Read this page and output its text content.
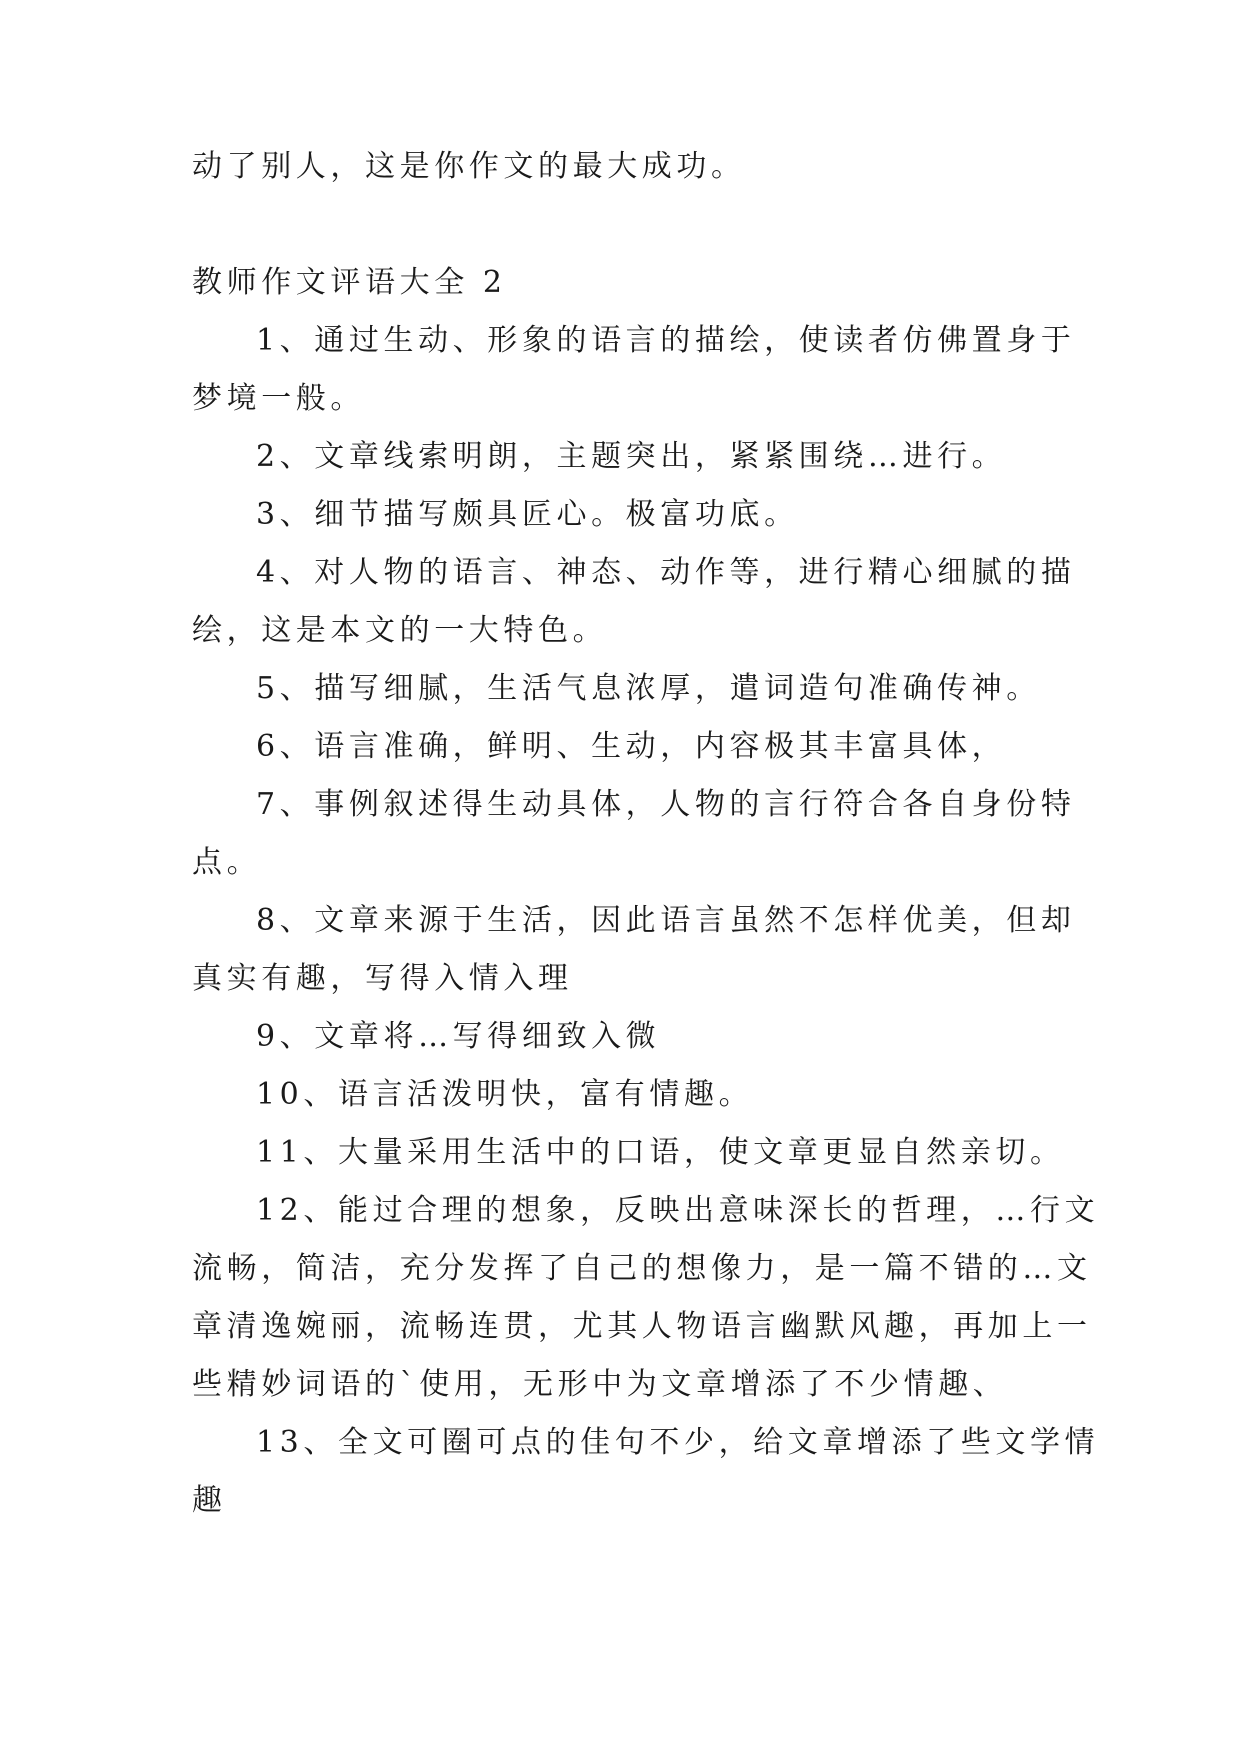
动了别人，这是你作文的最大成功。

教师作文评语大全 2

1、通过生动、形象的语言的描绘，使读者仿佛置身于

梦境一般。

2、文章线索明朗，主题突出，紧紧围绕…进行。

3、细节描写颇具匠心。极富功底。

4、对人物的语言、神态、动作等，进行精心细腻的描

绘，这是本文的一大特色。

5、描写细腻，生活气息浓厚，遣词造句准确传神。

6、语言准确，鲜明、生动，内容极其丰富具体，

7、事例叙述得生动具体，人物的言行符合各自身份特

点。

8、文章来源于生活，因此语言虽然不怎样优美，但却

真实有趣，写得入情入理

9、文章将…写得细致入微

10、语言活泼明快，富有情趣。

11、大量采用生活中的口语，使文章更显自然亲切。

12、能过合理的想象，反映出意味深长的哲理，…行文

流畅，简洁，充分发挥了自己的想像力，是一篇不错的…文

章清逸婉丽，流畅连贯，尤其人物语言幽默风趣，再加上一

些精妙词语的`使用，无形中为文章增添了不少情趣、

13、全文可圈可点的佳句不少，给文章增添了些文学情

趣
